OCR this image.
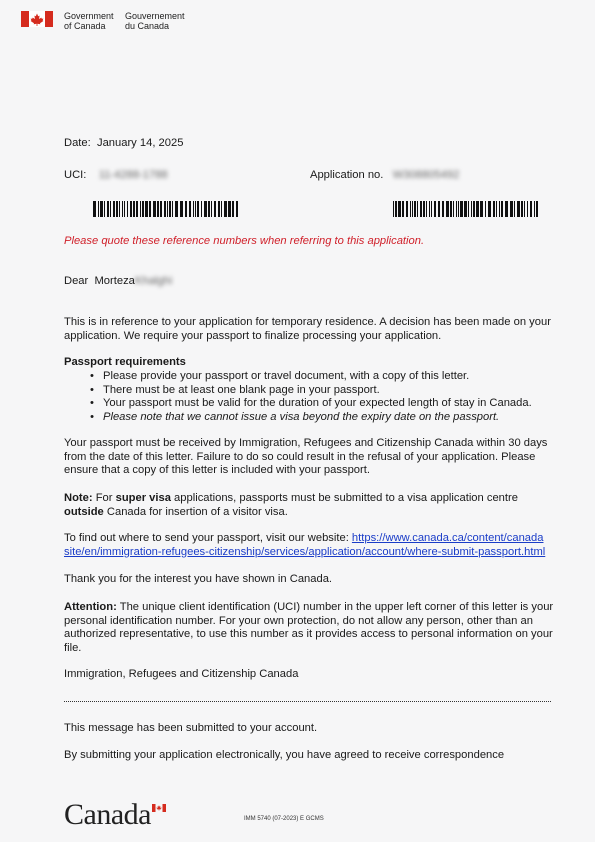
Government
of Canada
Gouvernement
du Canada
Date: January 14, 2025
UCI: 11-4288-1788	Application no. W308805492
Please quote these reference numbers when referring to this application.
Dear MortezaKhalghi
This is in reference to your application for temporary residence. A decision has been made on your application. We require your passport to finalize processing your application.
Passport requirements
• Please provide your passport or travel document, with a copy of this letter.
• There must be at least one blank page in your passport.
• Your passport must be valid for the duration of your expected length of stay in Canada.
• Please note that we cannot issue a visa beyond the expiry date on the passport.
Your passport must be received by Immigration, Refugees and Citizenship Canada within 30 days from the date of this letter. Failure to do so could result in the refusal of your application. Please ensure that a copy of this letter is included with your passport.
Note: For super visa applications, passports must be submitted to a visa application centre outside Canada for insertion of a visitor visa.
To find out where to send your passport, visit our website: https://www.canada.ca/content/canada site/en/immigration-refugees-citizenship/services/application/account/where-submit-passport.html
Thank you for the interest you have shown in Canada.
Attention: The unique client identification (UCI) number in the upper left corner of this letter is your personal identification number. For your own protection, do not allow any person, other than an authorized representative, to use this number as it provides access to personal information on your file.
Immigration, Refugees and Citizenship Canada
This message has been submitted to your account.
By submitting your application electronically, you have agreed to receive correspondence
Canada	IMM 5740 (07-2023) E GCMS
